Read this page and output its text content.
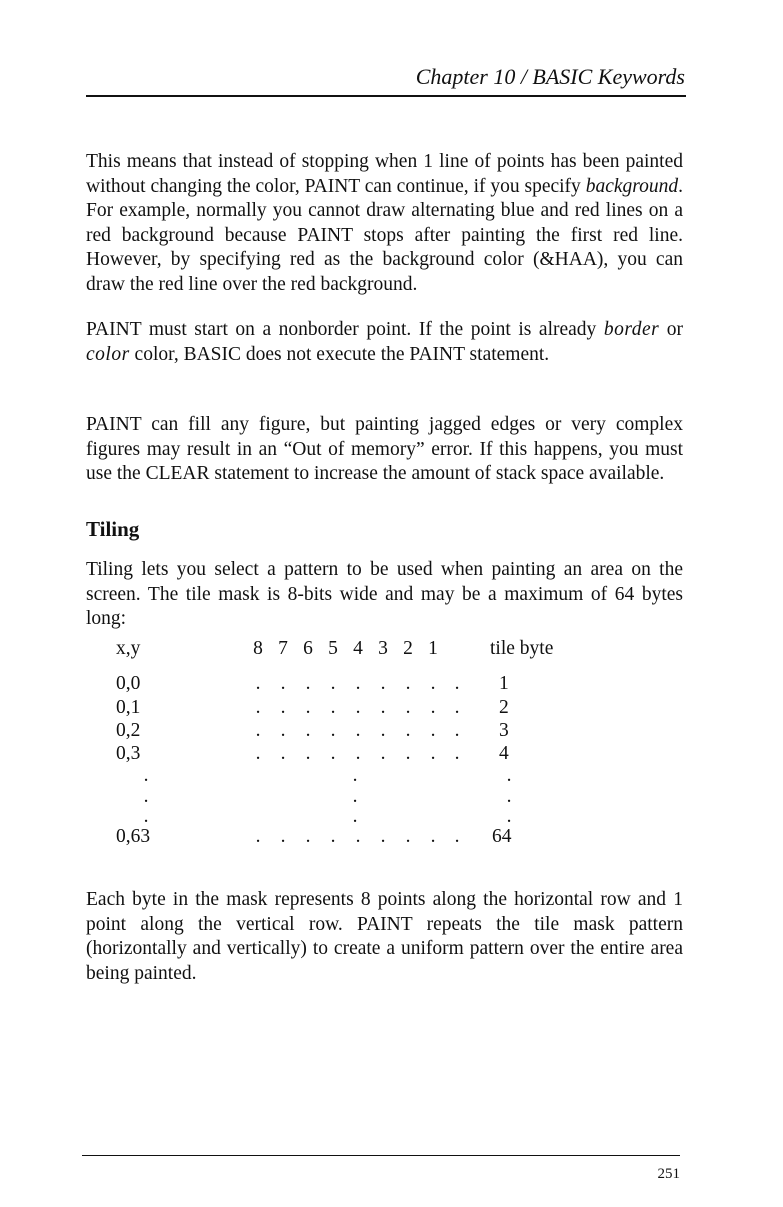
Chapter 10 / BASIC Keywords

This means that instead of stopping when 1 line of points has been painted without changing the color, PAINT can continue, if you specify background. For example, normally you cannot draw alternating blue and red lines on a red background because PAINT stops after painting the first red line. However, by specifying red as the background color (&HAA), you can draw the red line over the red background.

PAINT must start on a nonborder point. If the point is already border or color color, BASIC does not execute the PAINT statement.

PAINT can fill any figure, but painting jagged edges or very complex figures may result in an “Out of memory” error. If this happens, you must use the CLEAR statement to increase the amount of stack space available.

Tiling

Tiling lets you select a pattern to be used when painting an area on the screen. The tile mask is 8-bits wide and may be a maximum of 64 bytes long:

x,y	8 7 6 5 4 3 2 1	tile byte
0,0	.	.	.	.	.	.	.	. .	1
0,1	.	.	.	.	.	.	.	. .	2
0,2	.	.	.	.	.	.	.	. .	3
0,3	.	.	.	.	.	.	.	. .	4
.	.	.
.	.	.
.	.	.
0,63	.	.	.	.	.	.	.	. .	64

Each byte in the mask represents 8 points along the horizontal row and 1 point along the vertical row. PAINT repeats the tile mask pattern (horizontally and vertically) to create a uniform pattern over the entire area being painted.

251
